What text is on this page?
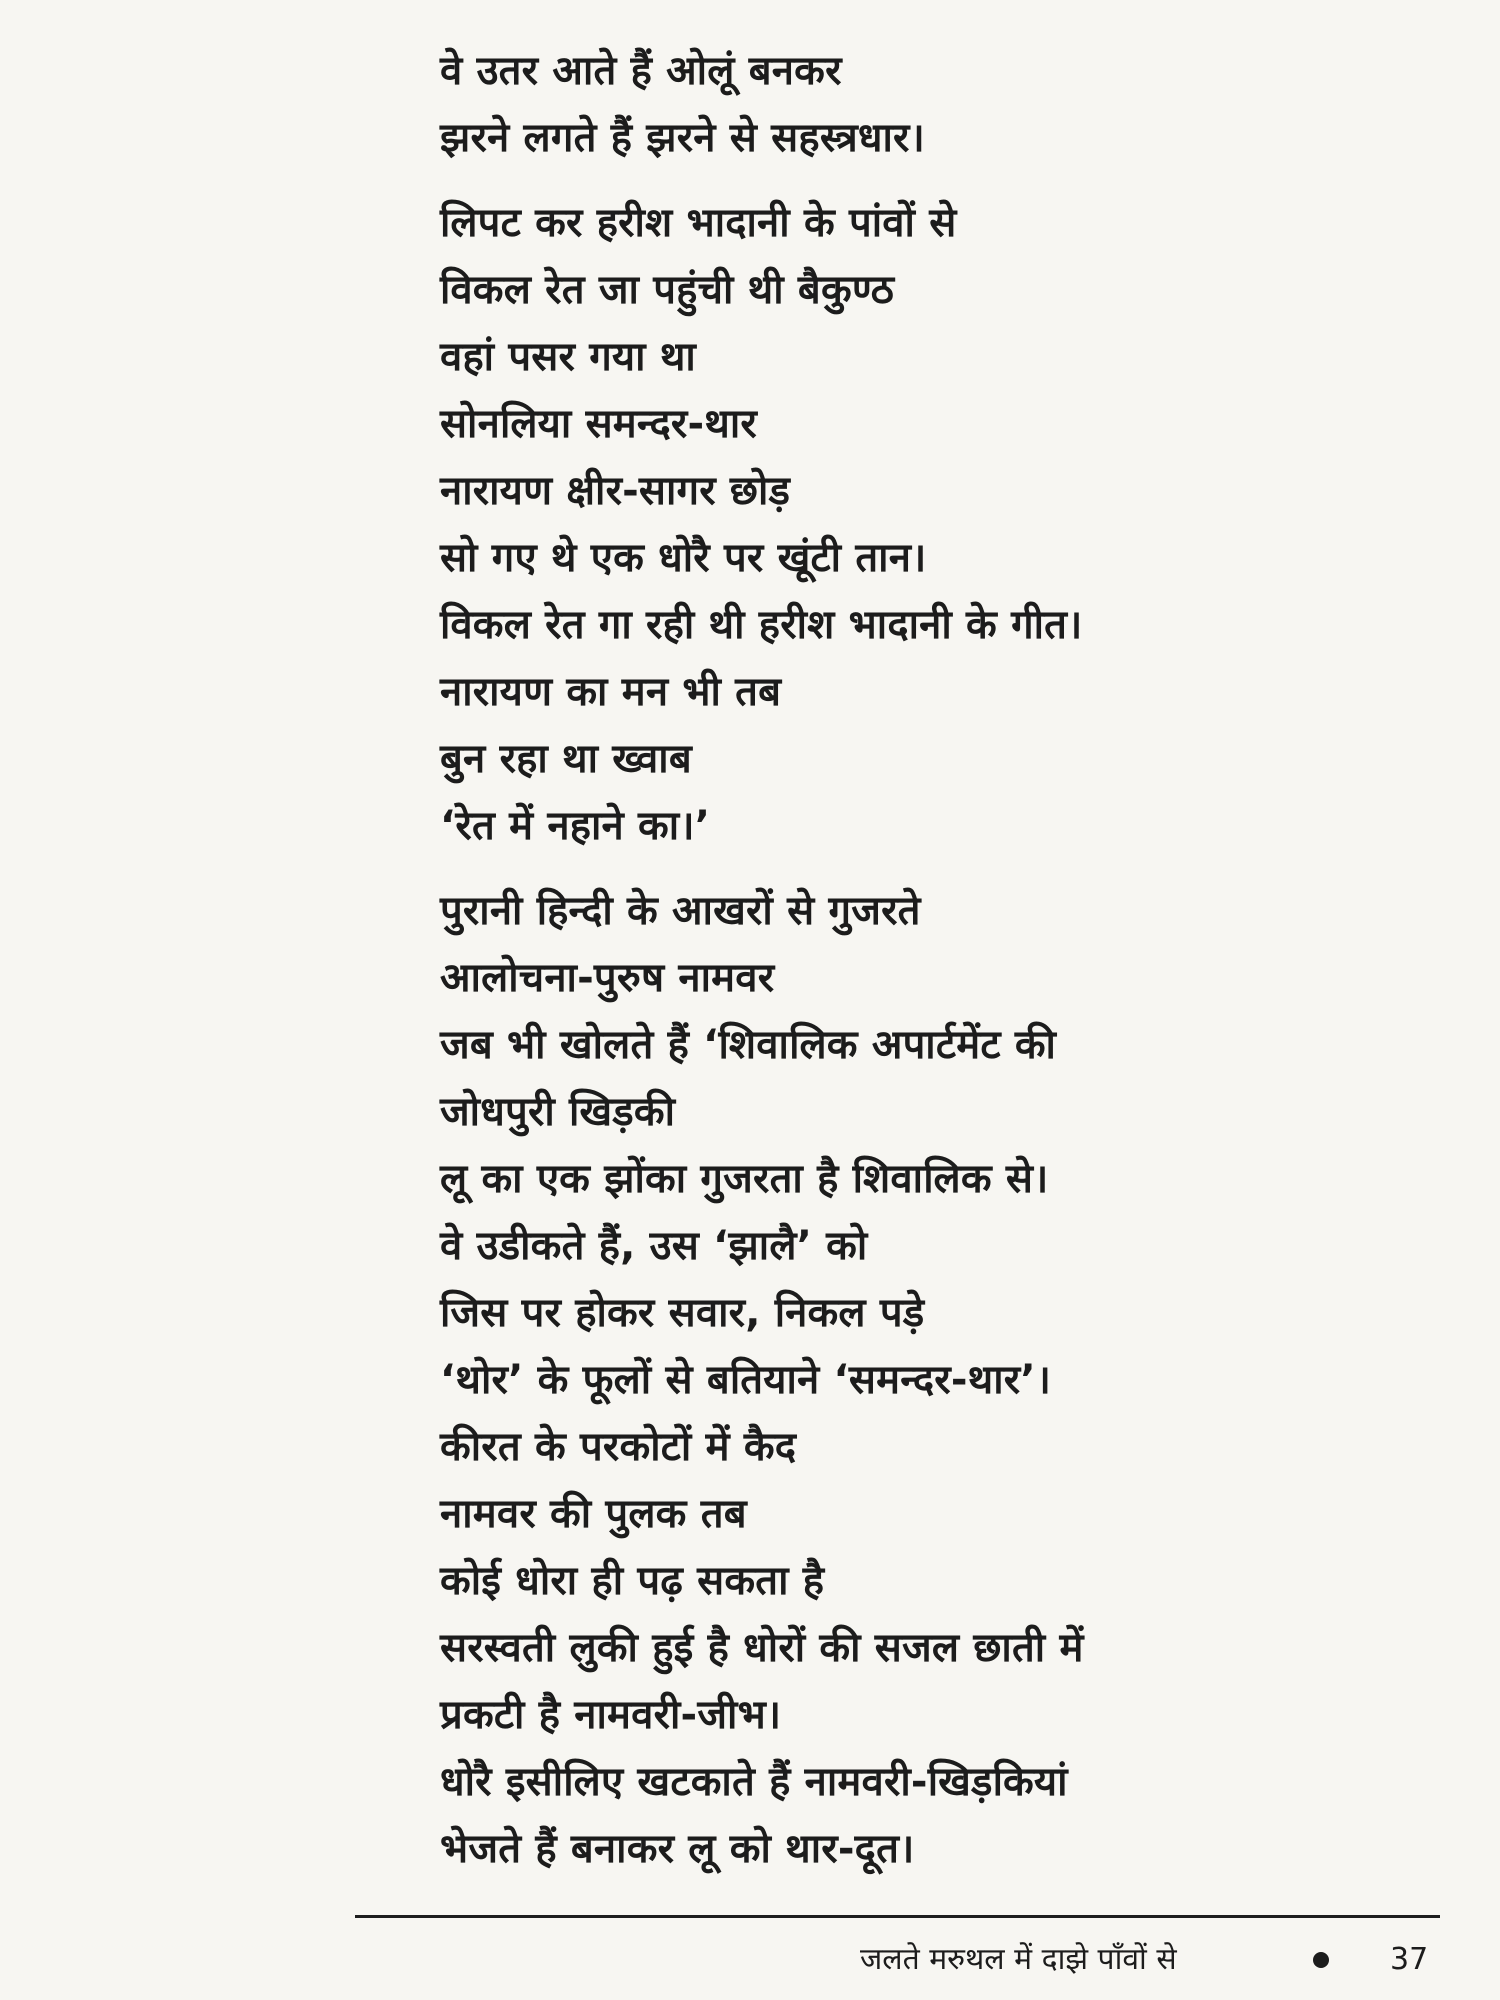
वे उतर आते हैं ओलूं बनकर
झरने लगते हैं झरने से सहस्त्रधार।
लिपट कर हरीश भादानी के पांवों से
विकल रेत जा पहुंची थी बैकुण्ठ
वहां पसर गया था
सोनलिया समन्दर-थार
नारायण क्षीर-सागर छोड़
सो गए थे एक धोरै पर खूंटी तान।
विकल रेत गा रही थी हरीश भादानी के गीत।
नारायण का मन भी तब
बुन रहा था ख्वाब
‘रेत में नहाने का।’
पुरानी हिन्दी के आखरों से गुजरते
आलोचना-पुरुष नामवर
जब भी खोलते हैं ‘शिवालिक अपार्टमेंट की
जोधपुरी खिड़की
लू का एक झोंका गुजरता है शिवालिक से।
वे उडीकते हैं, उस ‘झालै’ को
जिस पर होकर सवार, निकल पड़े
‘थोर’ के फूलों से बतियाने ‘समन्दर-थार’।
कीरत के परकोटों में कैद
नामवर की पुलक तब
कोई धोरा ही पढ़ सकता है
सरस्वती लुकी हुई है धोरों की सजल छाती में
प्रकटी है नामवरी-जीभ।
धोरै इसीलिए खटकाते हैं नामवरी-खिड़कियां
भेजते हैं बनाकर लू को थार-दूत।
जलते मरुथल में दाझे पाँवों से	37
